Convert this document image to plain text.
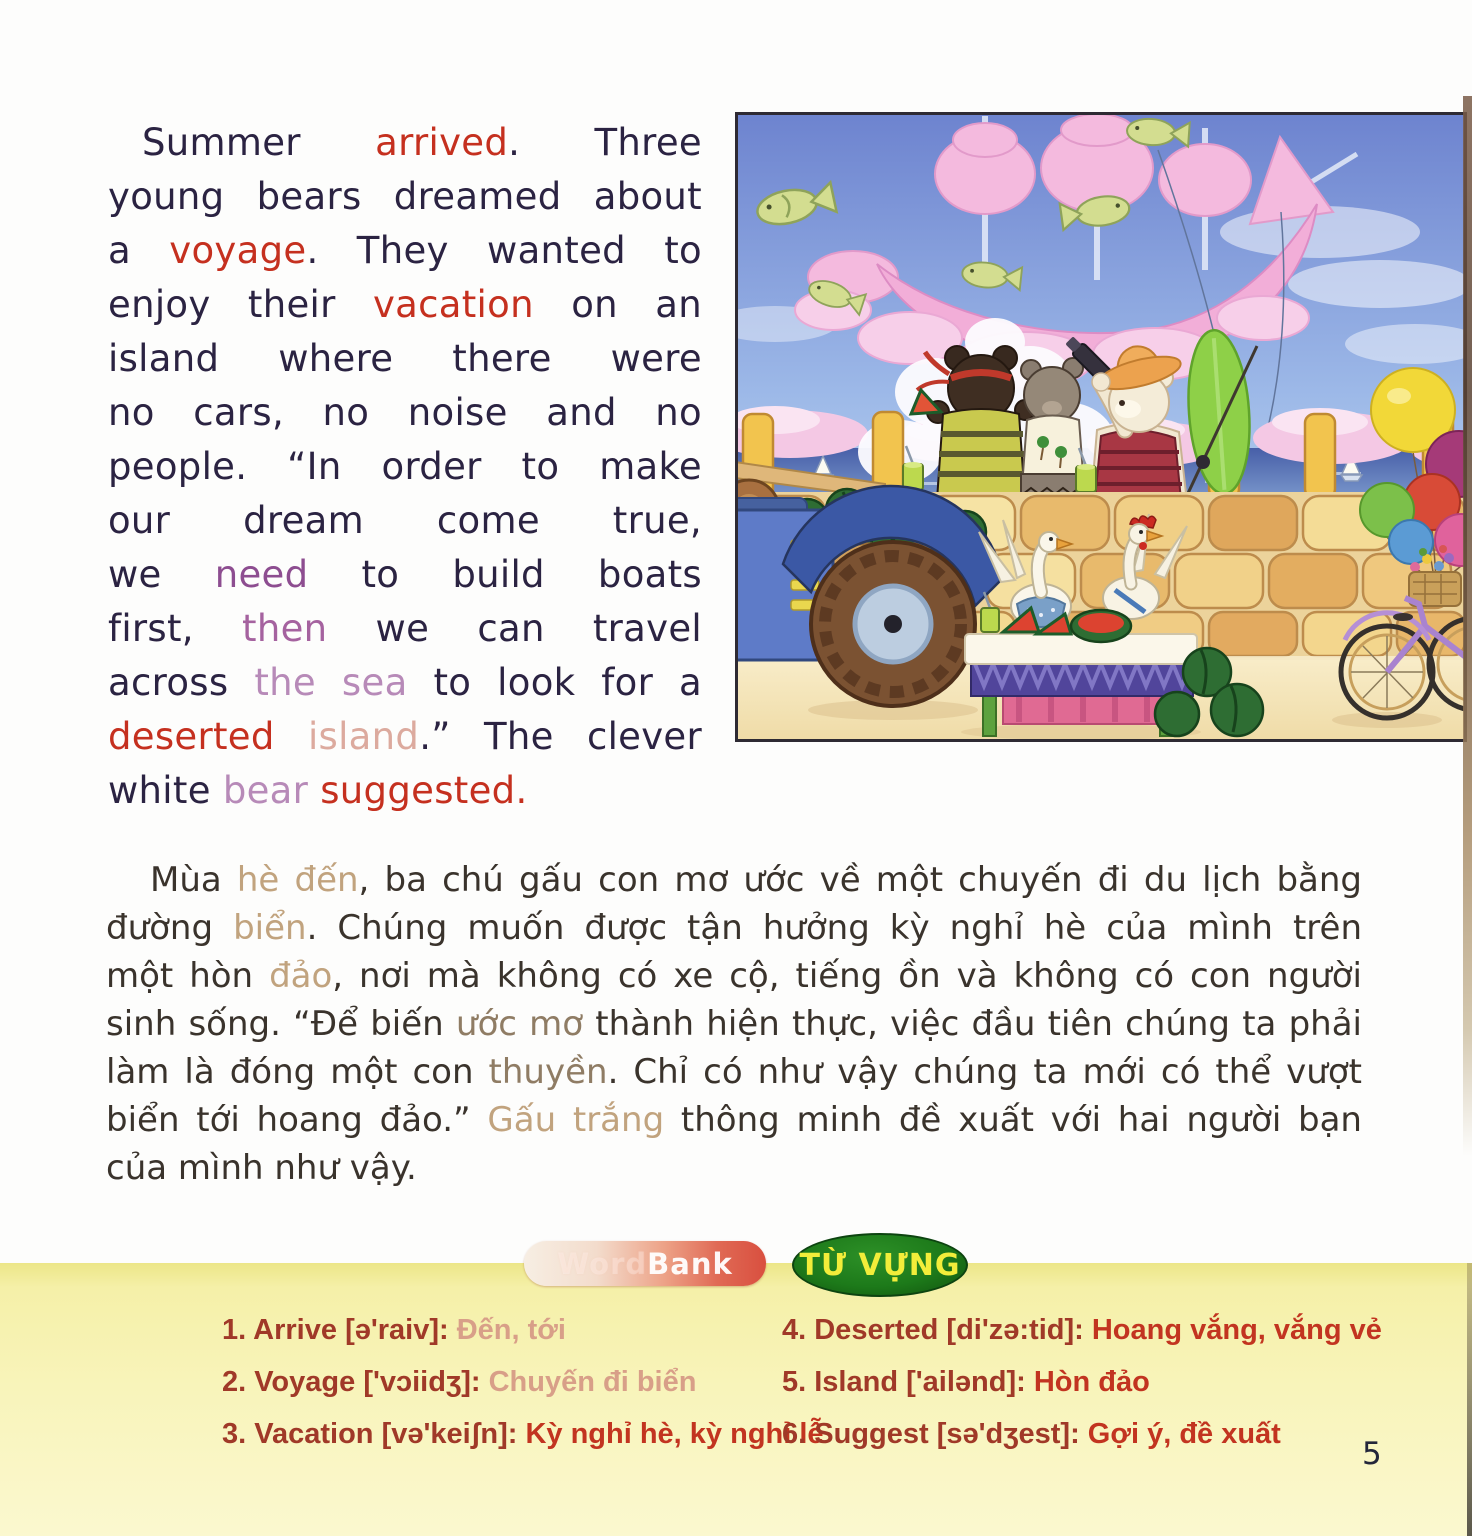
Summer arrived. Three
young bears dreamed about
a voyage. They wanted to
enjoy their vacation on an
island where there were
no cars, no noise and no
people. “In order to make
our dream come true,
we need to build boats
first, then we can travel
across the sea to look for a
deserted island.” The clever
white bear suggested.
Mùa hè đến, ba chú gấu con mơ ước về một chuyến đi du lịch bằng
đường biển. Chúng muốn được tận hưởng kỳ nghỉ hè của mình trên
một hòn đảo, nơi mà không có xe cộ, tiếng ồn và không có con người
sinh sống. “Để biến ước mơ thành hiện thực, việc đầu tiên chúng ta phải
làm là đóng một con thuyền. Chỉ có như vậy chúng ta mới có thể vượt
biển tới hoang đảo.” Gấu trắng thông minh đề xuất với hai người bạn
của mình như vậy.
Word Bank TỪ VỰNG
1. Arrive [ə'raiv]: Đến, tới
2. Voyage ['vɔiidʒ]: Chuyến đi biển
3. Vacation [və'keiʃn]: Kỳ nghỉ hè, kỳ nghỉ lễ
4. Deserted [di'zə:tid]: Hoang vắng, vắng vẻ
5. Island ['ailənd]: Hòn đảo
6. Suggest [sə'dʒest]: Gợi ý, đề xuất
5
